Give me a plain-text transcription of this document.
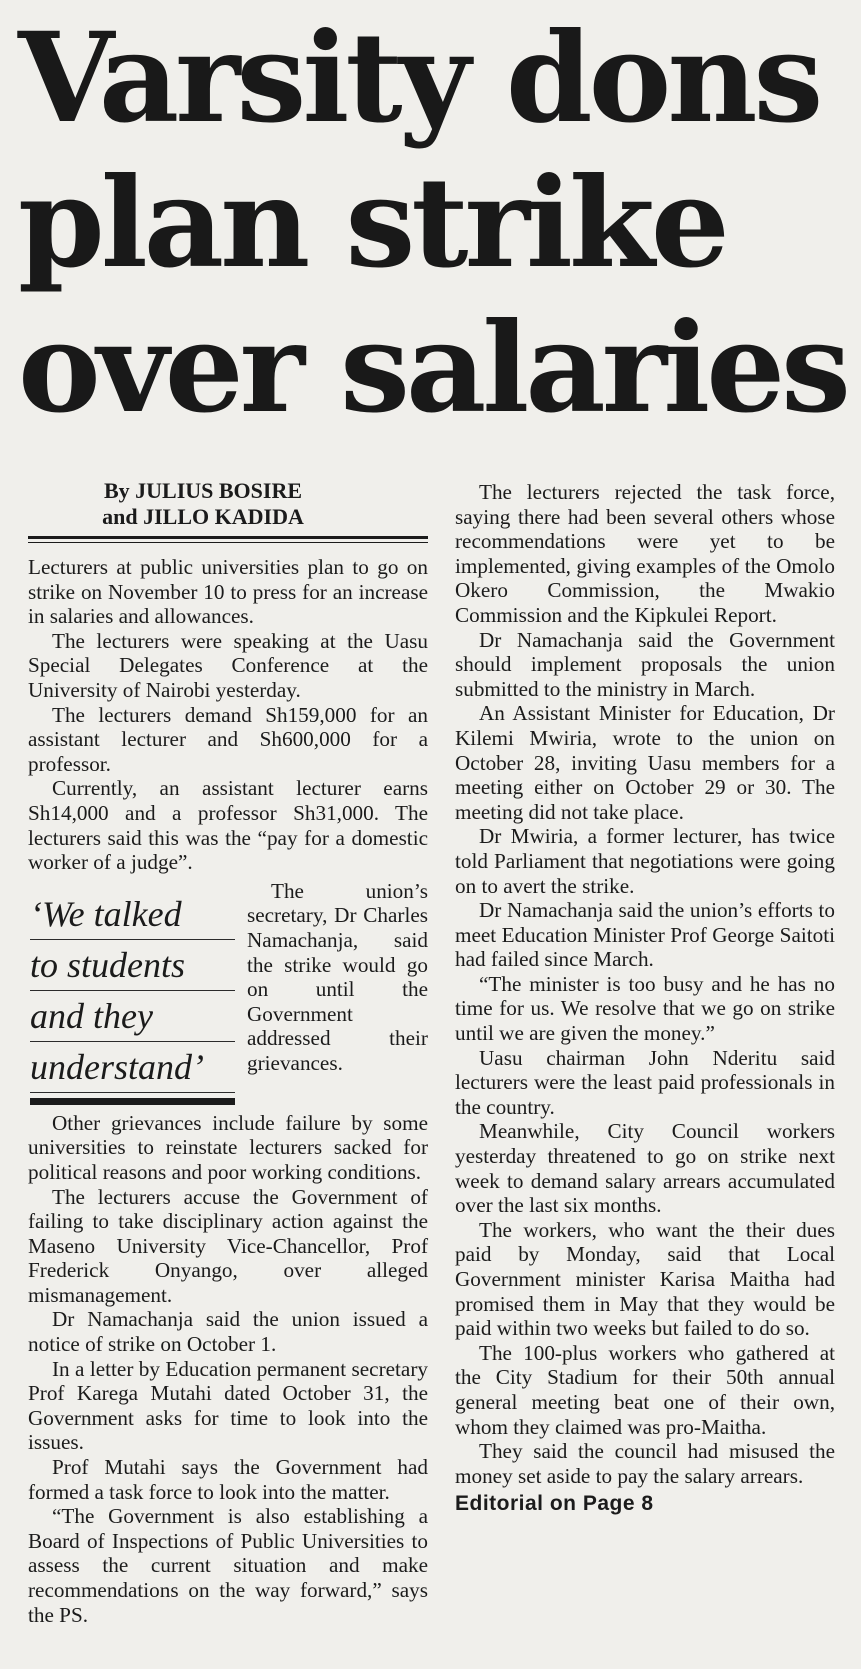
Varsity dons
plan strike
over salaries
By JULIUS BOSIRE
and JILLO KADIDA

Lecturers at public universities plan to go on strike on November 10 to press for an increase in salaries and allowances.

The lecturers were speaking at the Uasu Special Delegates Conference at the University of Nairobi yesterday.

The lecturers demand Sh159,000 for an assistant lecturer and Sh600,000 for a professor.

Currently, an assistant lecturer earns Sh14,000 and a professor Sh31,000. The lecturers said this was the “pay for a domestic worker of a judge”.

‘We talked
to students
and they
understand’

The union’s secretary, Dr Charles Namachanja, said the strike would go on until the Government addressed their grievances.

Other grievances include failure by some universities to reinstate lecturers sacked for political reasons and poor working conditions.

The lecturers accuse the Government of failing to take disciplinary action against the Maseno University Vice-Chancellor, Prof Frederick Onyango, over alleged mismanagement.

Dr Namachanja said the union issued a notice of strike on October 1.

In a letter by Education permanent secretary Prof Karega Mutahi dated October 31, the Government asks for time to look into the issues.

Prof Mutahi says the Government had formed a task force to look into the matter.

“The Government is also establishing a Board of Inspections of Public Universities to assess the current situation and make recommendations on the way forward,” says the PS.

The lecturers rejected the task force, saying there had been several others whose recommendations were yet to be implemented, giving examples of the Omolo Okero Commission, the Mwakio Commission and the Kipkulei Report.

Dr Namachanja said the Government should implement proposals the union submitted to the ministry in March.

An Assistant Minister for Education, Dr Kilemi Mwiria, wrote to the union on October 28, inviting Uasu members for a meeting either on October 29 or 30. The meeting did not take place.

Dr Mwiria, a former lecturer, has twice told Parliament that negotiations were going on to avert the strike.

Dr Namachanja said the union’s efforts to meet Education Minister Prof George Saitoti had failed since March.

“The minister is too busy and he has no time for us. We resolve that we go on strike until we are given the money.”

Uasu chairman John Nderitu said lecturers were the least paid professionals in the country.

Meanwhile, City Council workers yesterday threatened to go on strike next week to demand salary arrears accumulated over the last six months.

The workers, who want the their dues paid by Monday, said that Local Government minister Karisa Maitha had promised them in May that they would be paid within two weeks but failed to do so.

The 100-plus workers who gathered at the City Stadium for their 50th annual general meeting beat one of their own, whom they claimed was pro-Maitha.

They said the council had misused the money set aside to pay the salary arrears.

Editorial on Page 8
